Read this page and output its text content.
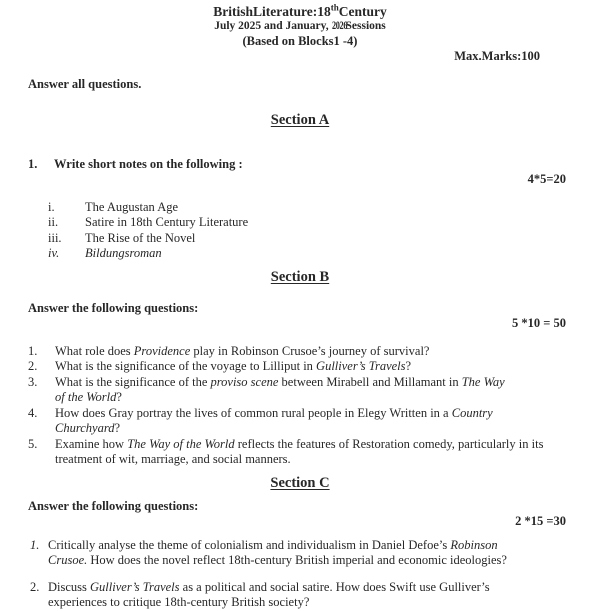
BritishLiterature:18thCentury
July 2025 and January, 2026Sessions
(Based on Blocks1 -4)
Max.Marks:100
Answer all questions.
Section A
1.	Write short notes on the following :
4*5=20
i.	The Augustan Age
ii.	Satire in 18th Century Literature
iii.	The Rise of the Novel
iv.	Bildungsroman
Section B
Answer the following questions:
5 *10 = 50
1.	What role does Providence play in Robinson Crusoe’s journey of survival?
2.	What is the significance of the voyage to Lilliput in Gulliver’s Travels?
3.	What is the significance of the proviso scene between Mirabell and Millamant in The Way
of the World?
4.	How does Gray portray the lives of common rural people in Elegy Written in a Country
Churchyard?
5.	Examine how The Way of the World reflects the features of Restoration comedy, particularly in its
treatment of wit, marriage, and social manners.
Section C
Answer the following questions:
2 *15 =30
1. Critically analyse the theme of colonialism and individualism in Daniel Defoe’s Robinson
Crusoe. How does the novel reflect 18th-century British imperial and economic ideologies?
2. Discuss Gulliver’s Travels as a political and social satire. How does Swift use Gulliver’s
experiences to critique 18th-century British society?
